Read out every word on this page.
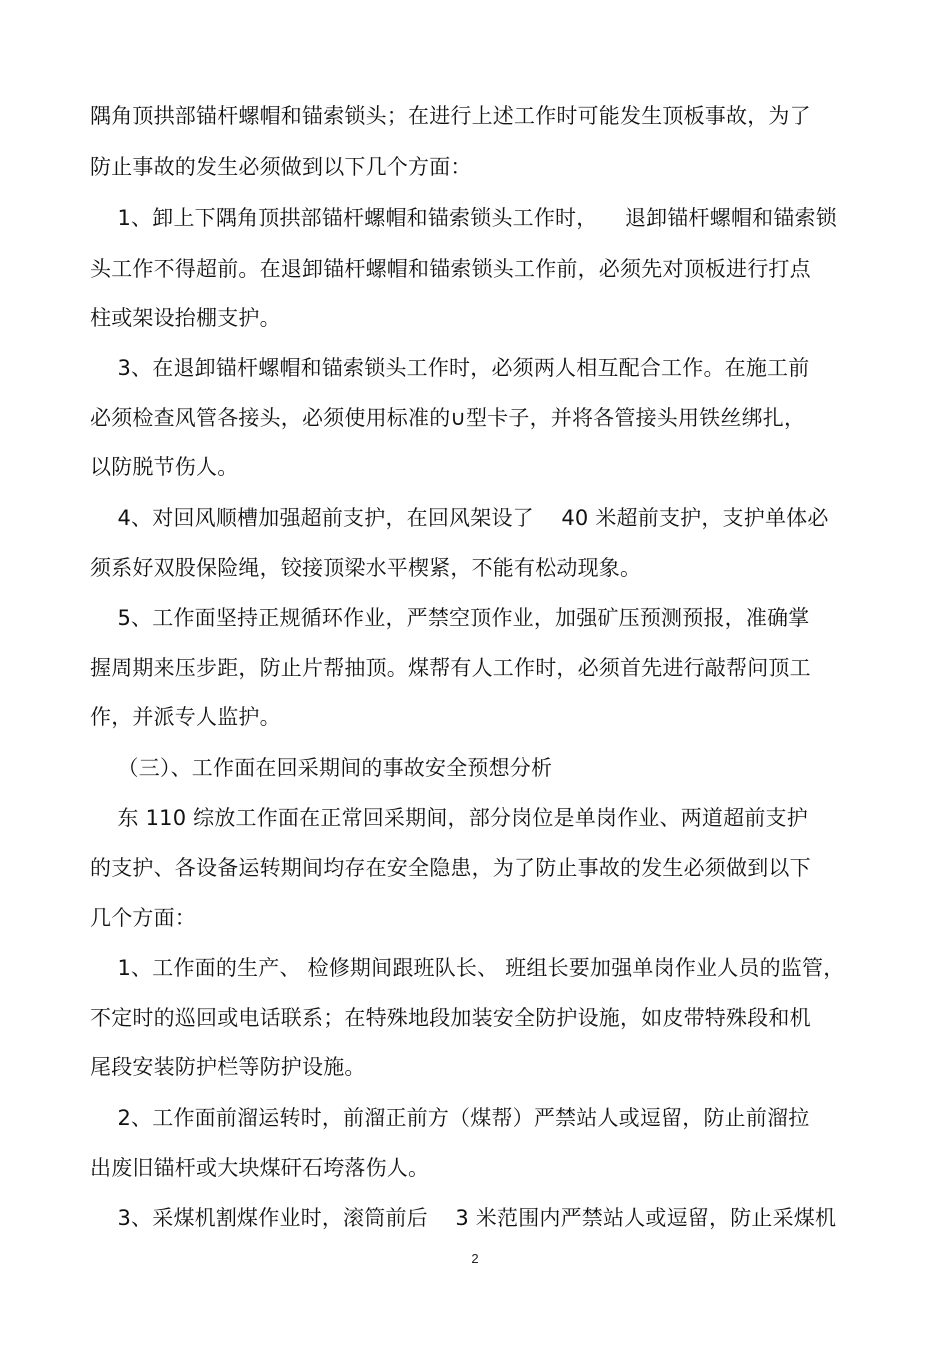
隅角顶拱部锚杆螺帽和锚索锁头；在进行上述工作时可能发生顶板事故，为了
防止事故的发生必须做到以下几个方面：
1、卸上下隅角顶拱部锚杆螺帽和锚索锁头工作时，    退卸锚杆螺帽和锚索锁
头工作不得超前。在退卸锚杆螺帽和锚索锁头工作前，必须先对顶板进行打点
柱或架设抬棚支护。
3、在退卸锚杆螺帽和锚索锁头工作时，必须两人相互配合工作。在施工前
必须检查风管各接头，必须使用标准的∪型卡子，并将各管接头用铁丝绑扎，
以防脱节伤人。
4、对回风顺槽加强超前支护，在回风架设了    40 米超前支护，支护单体必
须系好双股保险绳，铰接顶梁水平楔紧，不能有松动现象。
5、工作面坚持正规循环作业，严禁空顶作业，加强矿压预测预报，准确掌
握周期来压步距，防止片帮抽顶。煤帮有人工作时，必须首先进行敲帮问顶工
作，并派专人监护。
（三）、工作面在回采期间的事故安全预想分析
东 110 综放工作面在正常回采期间，部分岗位是单岗作业、两道超前支护
的支护、各设备运转期间均存在安全隐患，为了防止事故的发生必须做到以下
几个方面：
1、工作面的生产、 检修期间跟班队长、 班组长要加强单岗作业人员的监管，
不定时的巡回或电话联系；在特殊地段加装安全防护设施，如皮带特殊段和机
尾段安装防护栏等防护设施。
2、工作面前溜运转时，前溜正前方（煤帮）严禁站人或逗留，防止前溜拉
出废旧锚杆或大块煤矸石垮落伤人。
3、采煤机割煤作业时，滚筒前后    3 米范围内严禁站人或逗留，防止采煤机
2
